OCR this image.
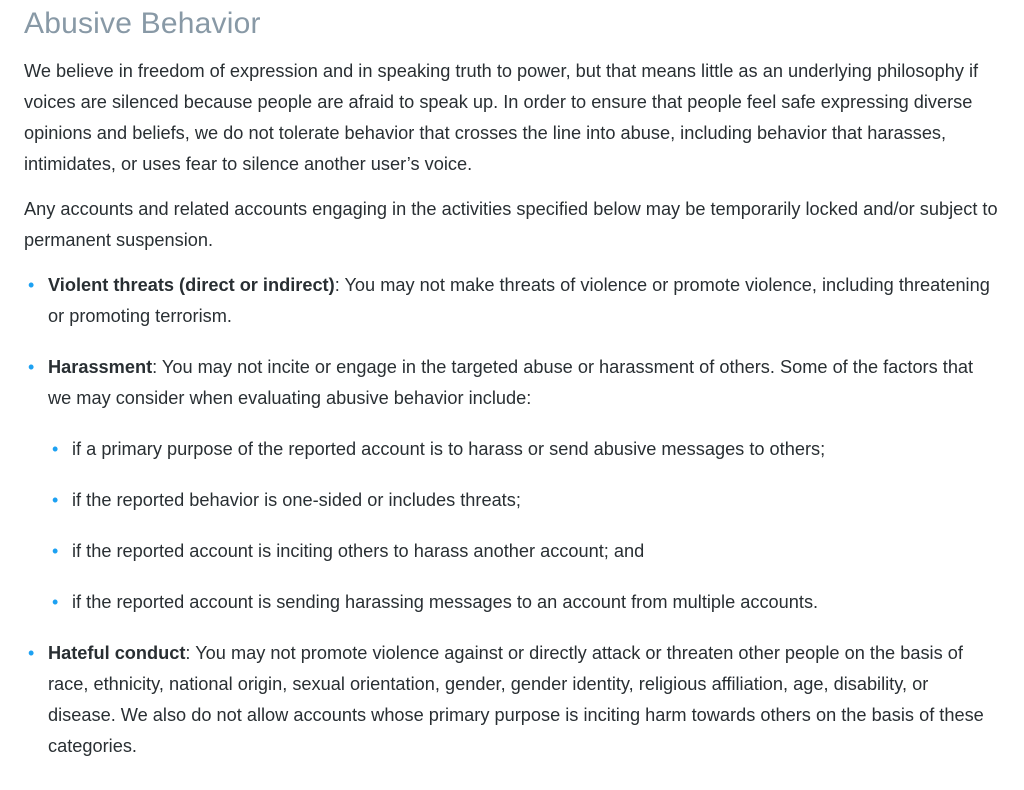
Abusive Behavior

We believe in freedom of expression and in speaking truth to power, but that means little as an underlying philosophy if voices are silenced because people are afraid to speak up. In order to ensure that people feel safe expressing diverse opinions and beliefs, we do not tolerate behavior that crosses the line into abuse, including behavior that harasses, intimidates, or uses fear to silence another user’s voice.

Any accounts and related accounts engaging in the activities specified below may be temporarily locked and/or subject to permanent suspension.

• Violent threats (direct or indirect): You may not make threats of violence or promote violence, including threatening or promoting terrorism.
• Harassment: You may not incite or engage in the targeted abuse or harassment of others. Some of the factors that we may consider when evaluating abusive behavior include:
• if a primary purpose of the reported account is to harass or send abusive messages to others;
• if the reported behavior is one-sided or includes threats;
• if the reported account is inciting others to harass another account; and
• if the reported account is sending harassing messages to an account from multiple accounts.
• Hateful conduct: You may not promote violence against or directly attack or threaten other people on the basis of race, ethnicity, national origin, sexual orientation, gender, gender identity, religious affiliation, age, disability, or disease. We also do not allow accounts whose primary purpose is inciting harm towards others on the basis of these categories.
